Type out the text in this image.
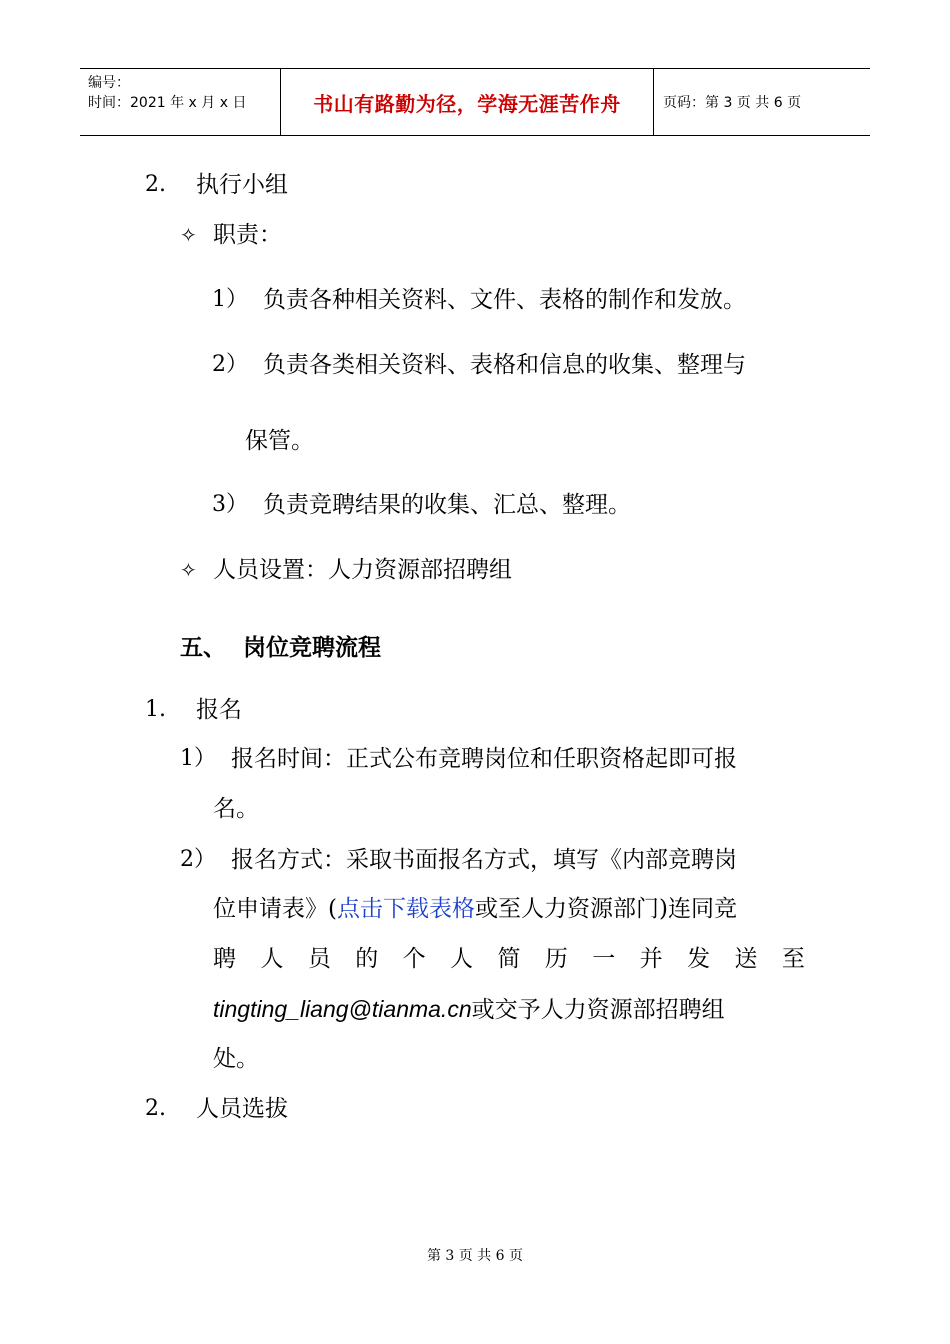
编号：
时间：2021 年 x 月 x 日	书山有路勤为径，学海无涯苦作舟	页码：第 3 页 共 6 页
2. 执行小组
✧ 职责：
1） 负责各种相关资料、文件、表格的制作和发放。
2） 负责各类相关资料、表格和信息的收集、整理与
保管。
3） 负责竞聘结果的收集、汇总、整理。
✧ 人员设置：人力资源部招聘组
五、 岗位竞聘流程
1. 报名
1） 报名时间：正式公布竞聘岗位和任职资格起即可报
名。
2） 报名方式：采取书面报名方式，填写《内部竞聘岗
位申请表》(点击下载表格或至人力资源部门)连同竞
聘 人 员 的 个 人 简 历 一 并 发 送 至
tingting_liang@tianma.cn或交予人力资源部招聘组
处。
2. 人员选拔
第 3 页 共 6 页
